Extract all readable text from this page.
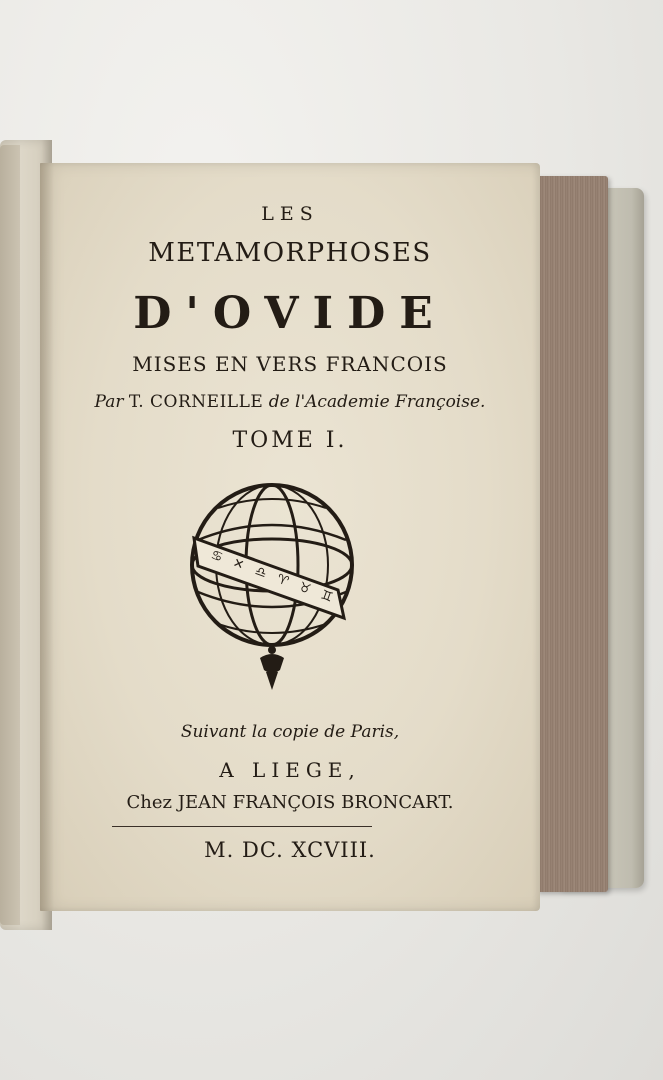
LES
METAMORPHOSES
D'OVIDE
MISES EN VERS FRANCOIS
Par T. CORNEILLE de l'Academie Françoise.
TOME I.
♋ ✕ ♎ ♈ ♉ ♊
Suivant la copie de Paris,
A LIEGE,
Chez JEAN FRANÇOIS BRONCART.
M. DC. XCVIII.
